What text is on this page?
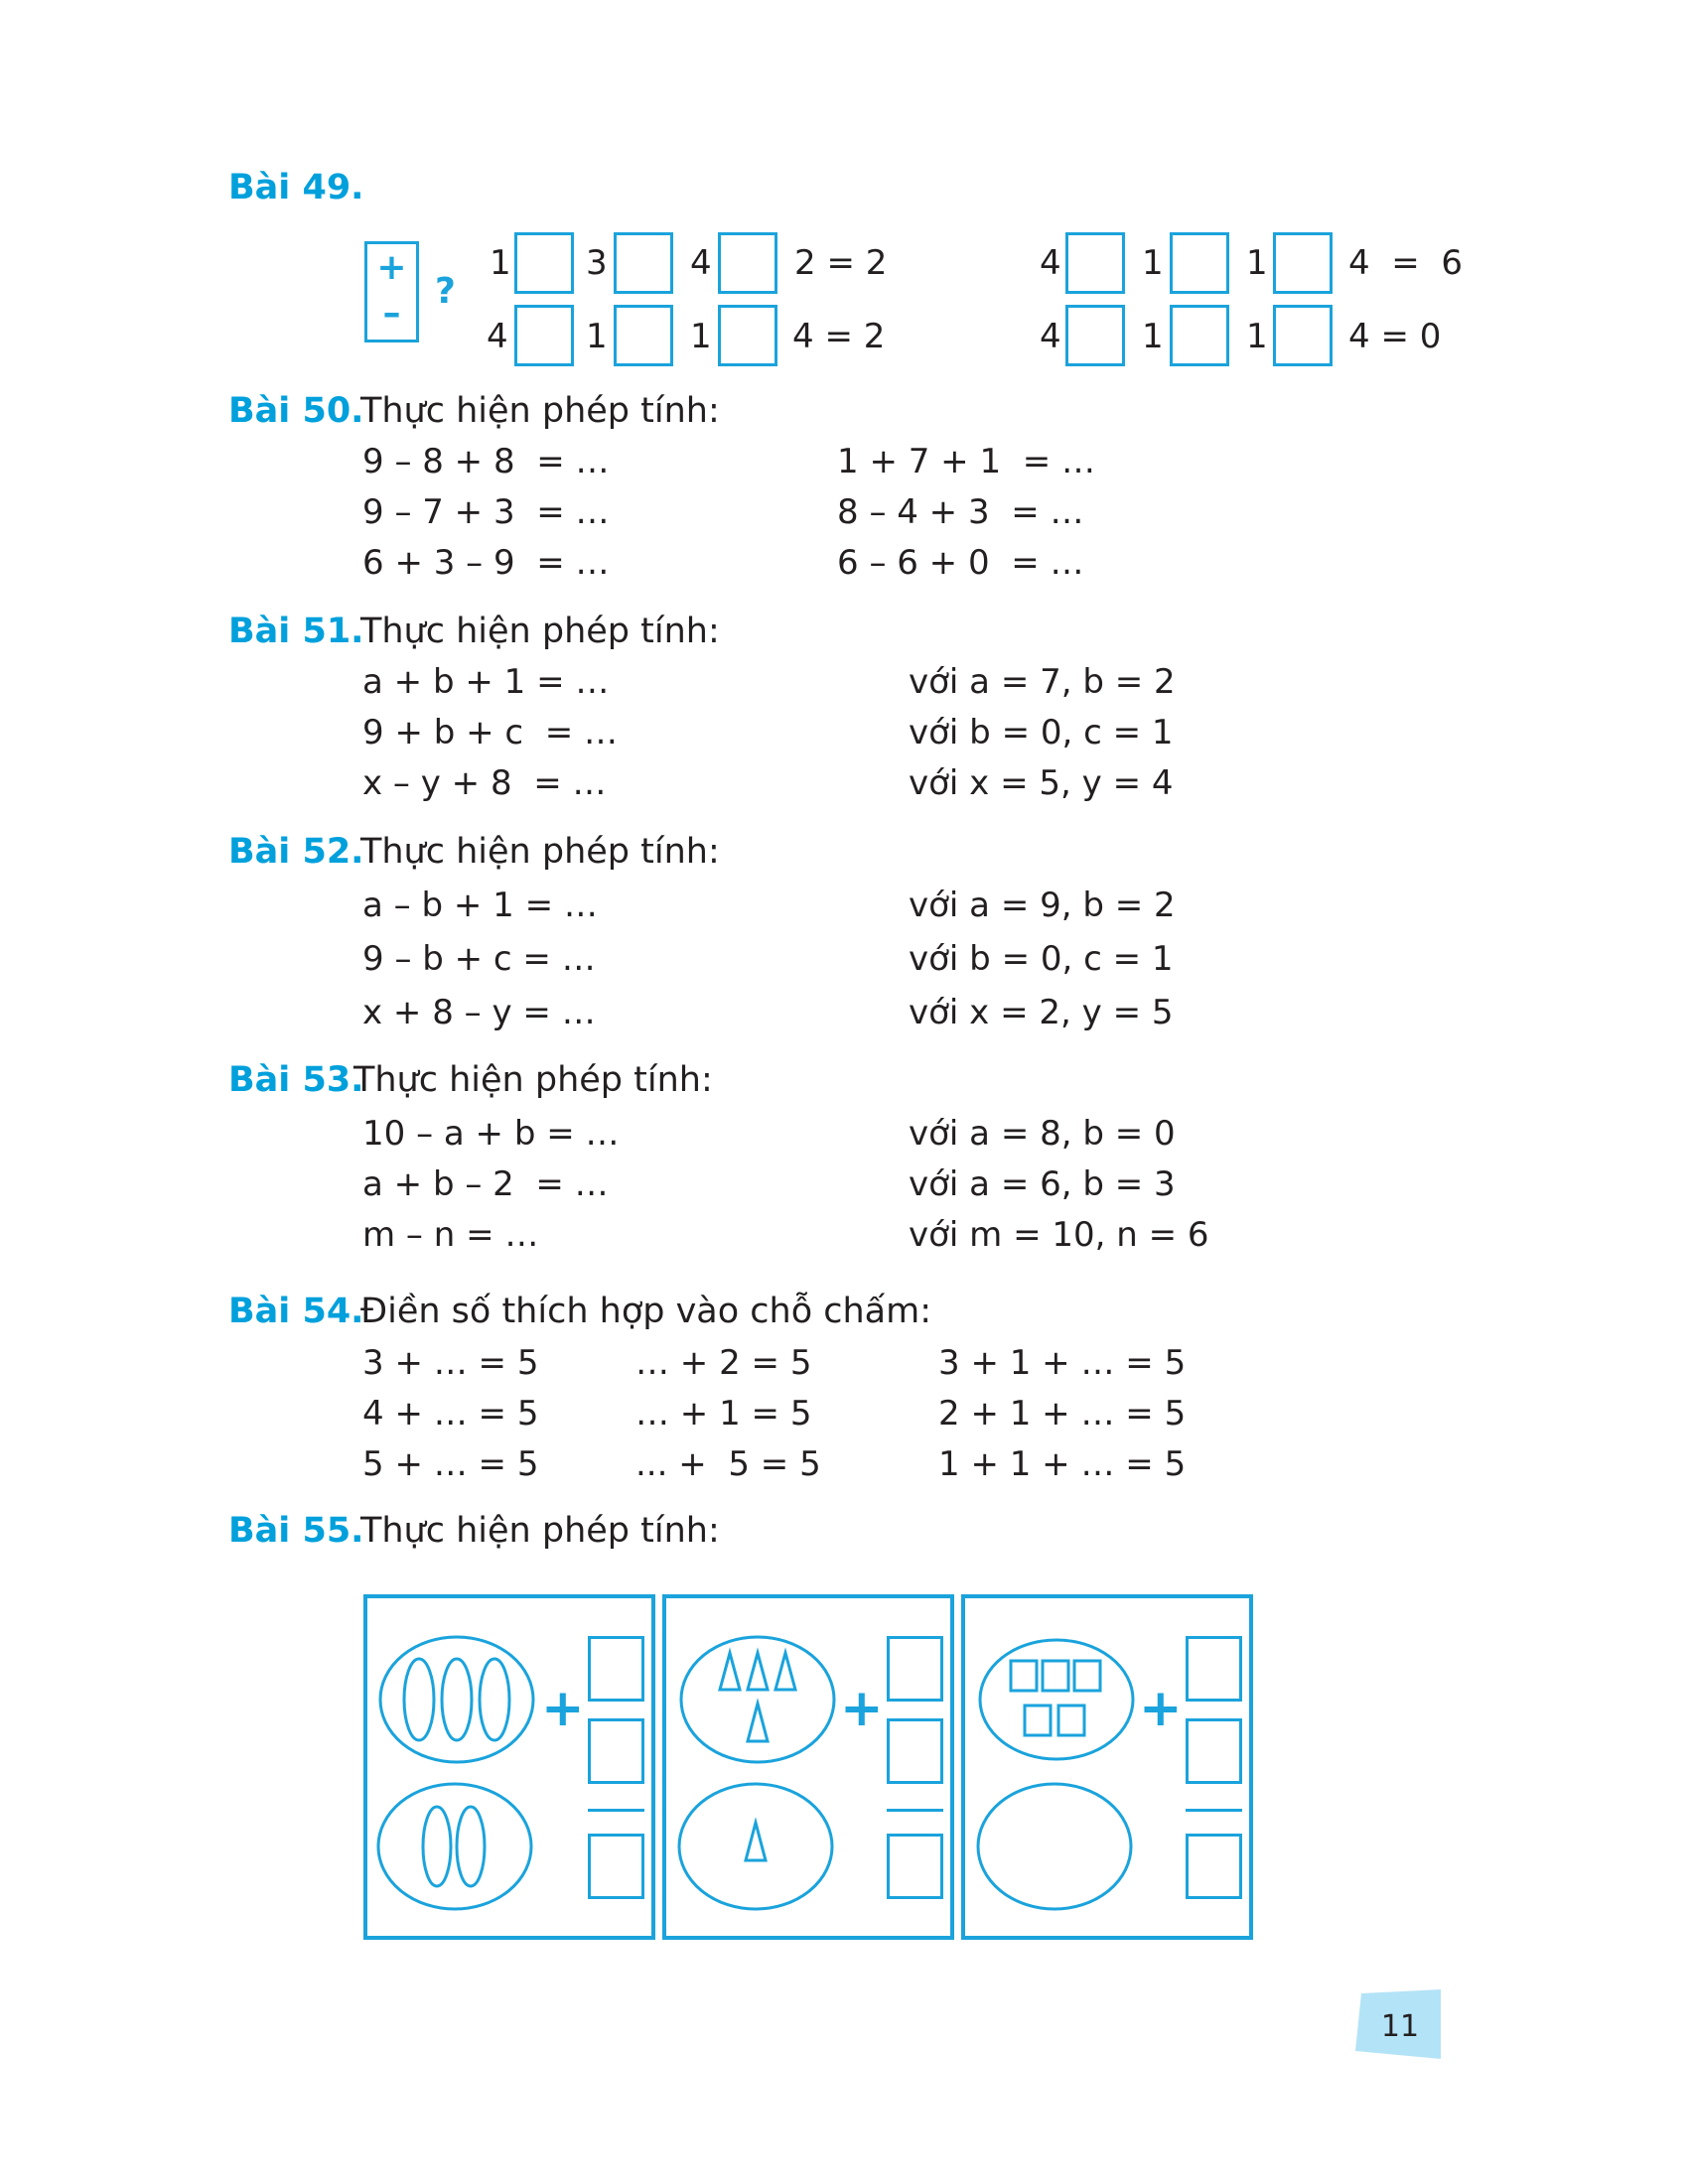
Bài 49.
+
–
?
1 3 4 2 = 2
4 1 1 4 = 2
4 1 1 4  =  6
4 1 1 4 = 0
Bài 50.
Thực hiện phép tính:
9 – 8 + 8  = …
9 – 7 + 3  = …
6 + 3 – 9  = …
1 + 7 + 1  = …
8 – 4 + 3  = …
6 – 6 + 0  = …
Bài 51.
Thực hiện phép tính:
a + b + 1 = …
9 + b + c  = …
x – y + 8  = …
với a = 7, b = 2
với b = 0, c = 1
với x = 5, y = 4
Bài 52.
Thực hiện phép tính:
a – b + 1 = …
9 – b + c = …
x + 8 – y = …
với a = 9, b = 2
với b = 0, c = 1
với x = 2, y = 5
Bài 53.
Thực hiện phép tính:
10 – a + b = …
a + b – 2  = …
m – n = …
với a = 8, b = 0
với a = 6, b = 3
với m = 10, n = 6
Bài 54.
Điền số thích hợp vào chỗ chấm:
3 + … = 5
4 + … = 5
5 + … = 5
… + 2 = 5
… + 1 = 5
... +  5 = 5
3 + 1 + … = 5
2 + 1 + … = 5
1 + 1 + … = 5
Bài 55.
Thực hiện phép tính:
+	+	+
11
